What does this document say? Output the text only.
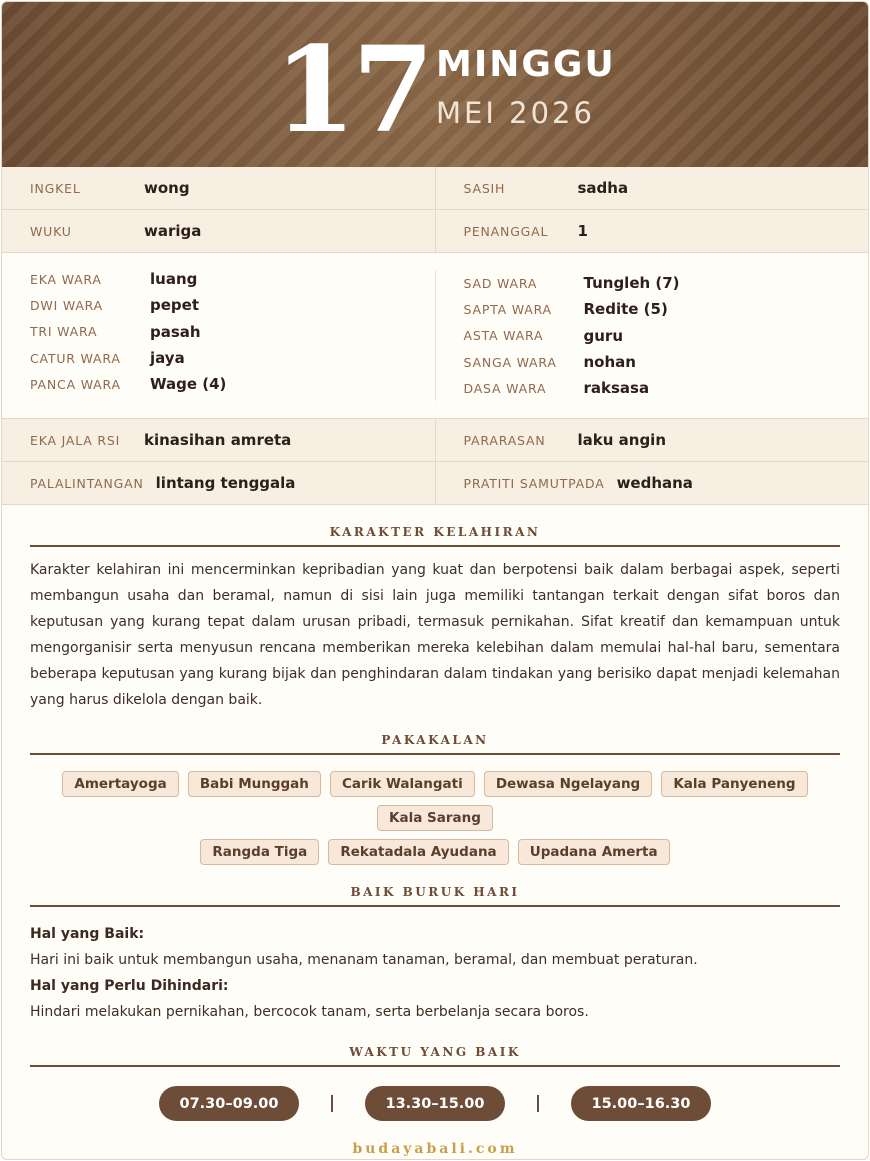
17 MINGGU
MEI 2026
INGKEL	wong	SASIH	sadha
WUKU	wariga	PENANGGAL	1
EKA WARA	luang
DWI WARA	pepet
TRI WARA	pasah
CATUR WARA	jaya
PANCA WARA	Wage (4)
SAD WARA	Tungleh (7)
SAPTA WARA	Redite (5)
ASTA WARA	guru
SANGA WARA	nohan
DASA WARA	raksasa
EKA JALA RSI	kinasihan amreta	PARARASAN	laku angin
PALALINTANGAN lintang tenggala	PRATITI SAMUTPADA wedhana
KARAKTER KELAHIRAN

Karakter kelahiran ini mencerminkan kepribadian yang kuat dan berpotensi baik dalam berbagai aspek, seperti membangun usaha dan beramal, namun di sisi lain juga memiliki tantangan terkait dengan sifat boros dan keputusan yang kurang tepat dalam urusan pribadi, termasuk pernikahan. Sifat kreatif dan kemampuan untuk mengorganisir serta menyusun rencana memberikan mereka kelebihan dalam memulai hal-hal baru, sementara beberapa keputusan yang kurang bijak dan penghindaran dalam tindakan yang berisiko dapat menjadi kelemahan yang harus dikelola dengan baik.

PAKAKALAN
Amertayoga Babi Munggah Carik Walangati Dewasa Ngelayang Kala Panyeneng Kala Sarang
Rangda Tiga Rekatadala Ayudana Upadana Amerta
BAIK BURUK HARI
Hal yang Baik:
Hari ini baik untuk membangun usaha, menanam tanaman, beramal, dan membuat peraturan.
Hal yang Perlu Dihindari:
Hindari melakukan pernikahan, bercocok tanam, serta berbelanja secara boros.
WAKTU YANG BAIK
07.30–09.00	13.30–15.00	15.00–16.30
budayabali.com
